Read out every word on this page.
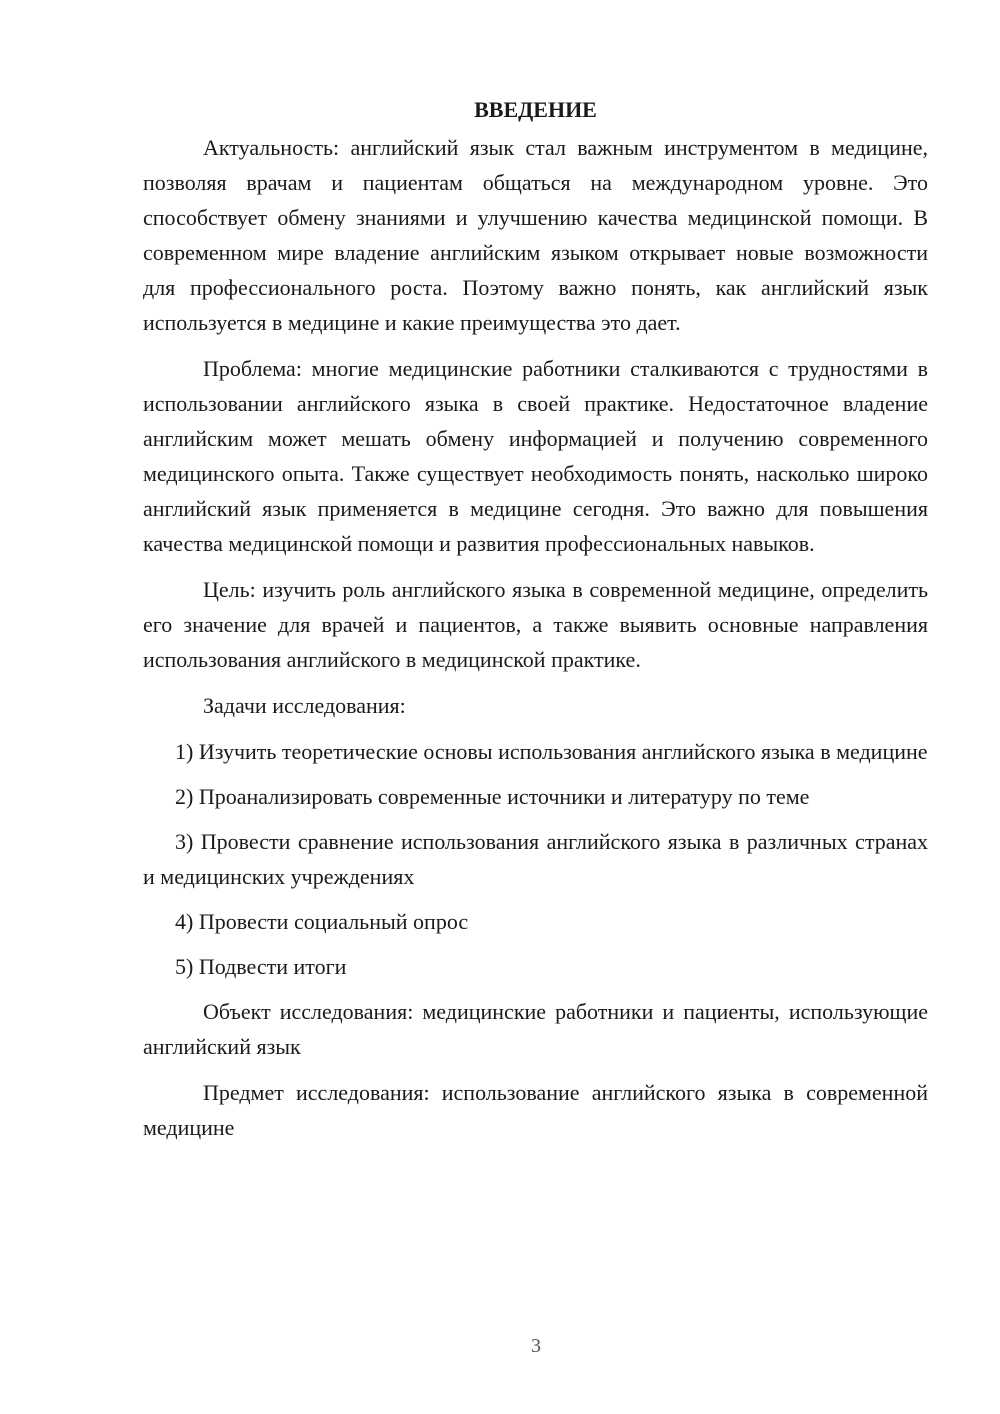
ВВЕДЕНИЕ

Актуальность: английский язык стал важным инструментом в медицине, позволяя врачам и пациентам общаться на международном уровне. Это способствует обмену знаниями и улучшению качества медицинской помощи. В современном мире владение английским языком открывает новые возможности для профессионального роста. Поэтому важно понять, как английский язык используется в медицине и какие преимущества это дает.

Проблема: многие медицинские работники сталкиваются с трудностями в использовании английского языка в своей практике. Недостаточное владение английским может мешать обмену информацией и получению современного медицинского опыта. Также существует необходимость понять, насколько широко английский язык применяется в медицине сегодня. Это важно для повышения качества медицинской помощи и развития профессиональных навыков.

Цель: изучить роль английского языка в современной медицине, определить его значение для врачей и пациентов, а также выявить основные направления использования английского в медицинской практике.

Задачи исследования:

1) Изучить теоретические основы использования английского языка в медицине

2) Проанализировать современные источники и литературу по теме

3) Провести сравнение использования английского языка в различных странах и медицинских учреждениях

4) Провести социальный опрос

5) Подвести итоги

Объект исследования: медицинские работники и пациенты, использующие английский язык

Предмет исследования: использование английского языка в современной медицине

3
